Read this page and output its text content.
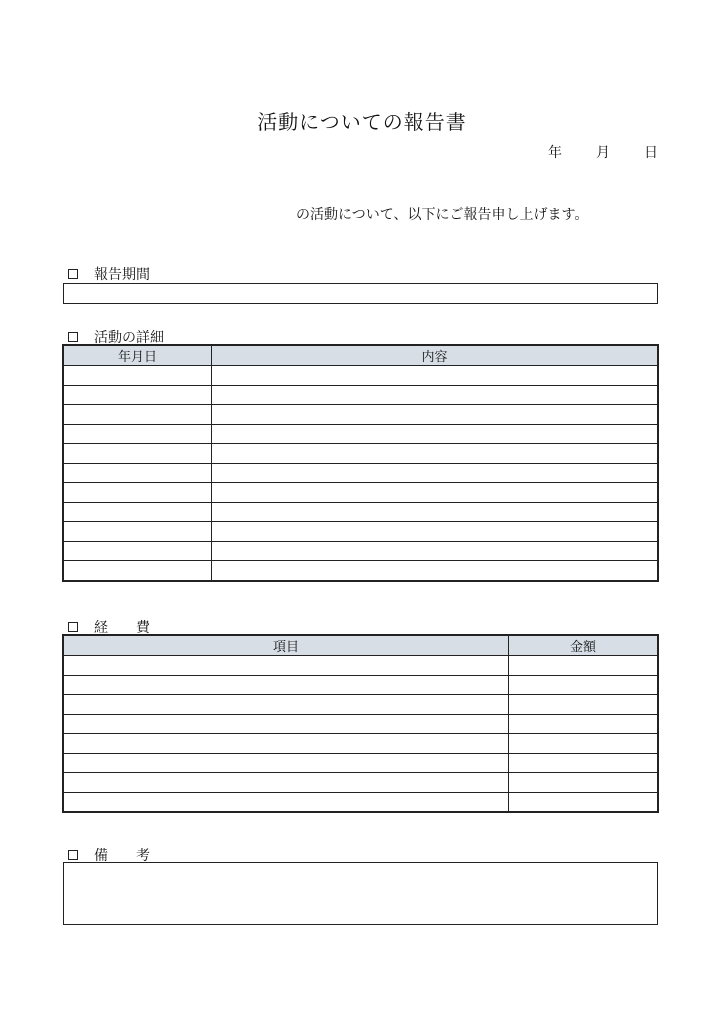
活動についての報告書
年 月 日
の活動について、以下にご報告申し上げます。
報告期間
活動の詳細
年月日	内容

経　　費
項目	金額

備　　考
